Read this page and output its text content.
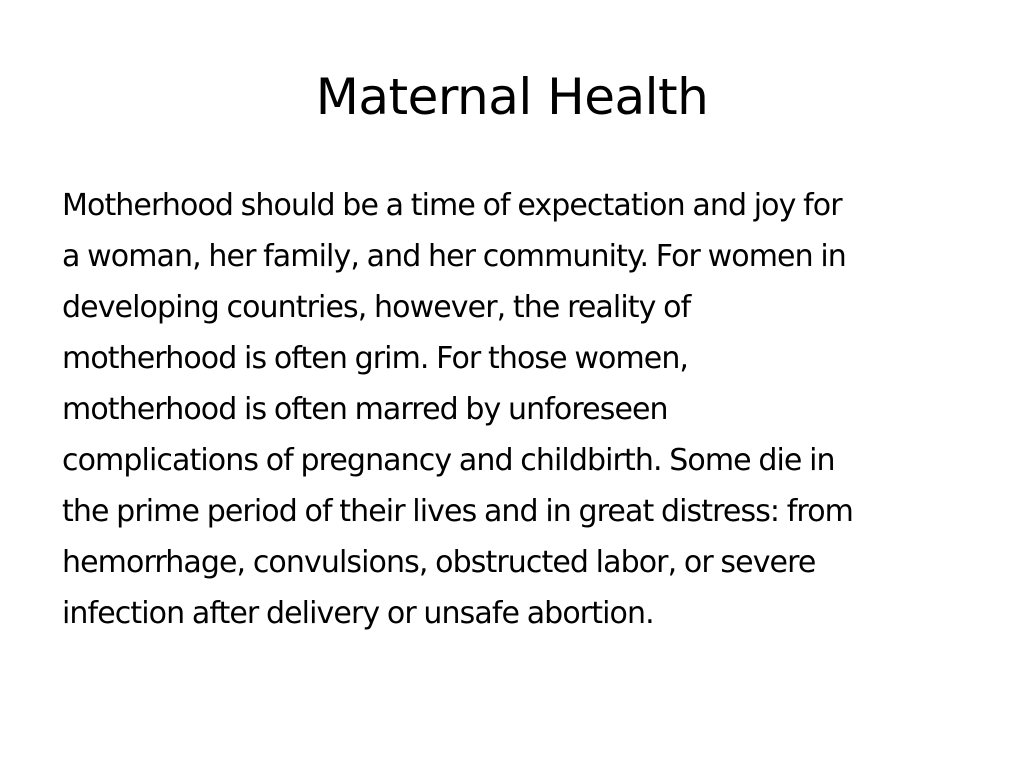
Maternal Health
Motherhood should be a time of expectation and joy for
a woman, her family, and her community. For women in
developing countries, however, the reality of
motherhood is often grim. For those women,
motherhood is often marred by unforeseen
complications of pregnancy and childbirth. Some die in
the prime period of their lives and in great distress: from
hemorrhage, convulsions, obstructed labor, or severe
infection after delivery or unsafe abortion.
